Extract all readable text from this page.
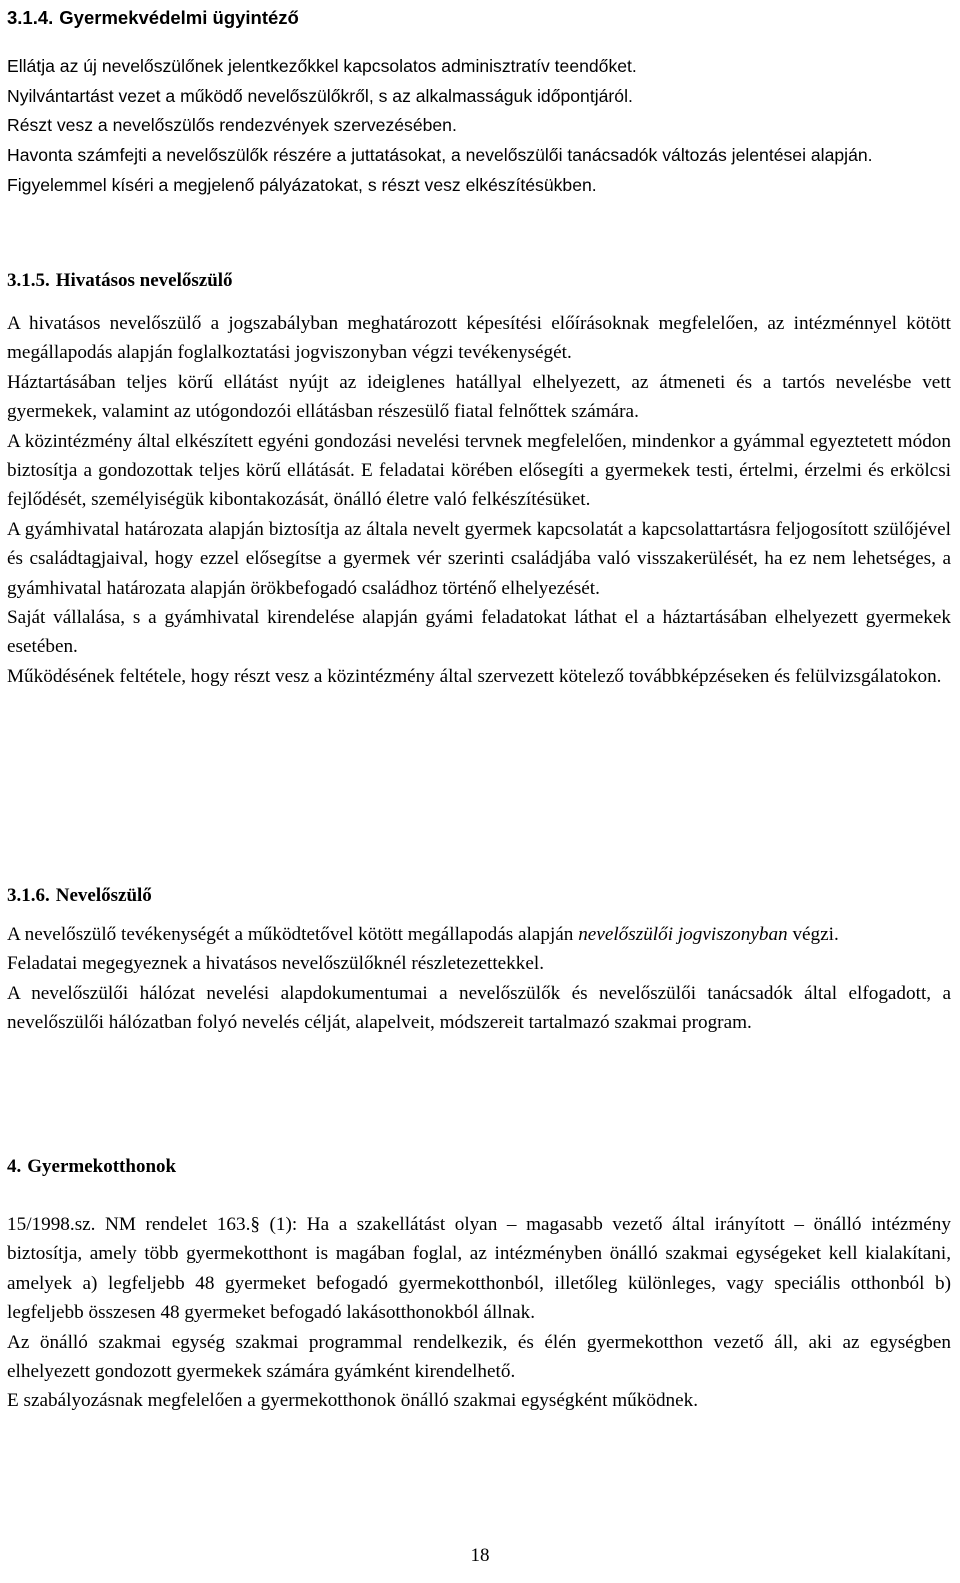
3.1.4. Gyermekvédelmi ügyintéző

Ellátja az új nevelőszülőnek jelentkezőkkel kapcsolatos adminisztratív teendőket.

Nyilvántartást vezet a működő nevelőszülőkről, s az alkalmasságuk időpontjáról.

Részt vesz a nevelőszülős rendezvények szervezésében.

Havonta számfejti a nevelőszülők részére a juttatásokat, a nevelőszülői tanácsadók változás jelentései alapján.

Figyelemmel kíséri a megjelenő pályázatokat, s részt vesz elkészítésükben.

3.1.5. Hivatásos nevelőszülő

A hivatásos nevelőszülő a jogszabályban meghatározott képesítési előírásoknak megfelelően, az intézménnyel kötött megállapodás alapján foglalkoztatási jogviszonyban végzi tevékenységét.

Háztartásában teljes körű ellátást nyújt az ideiglenes hatállyal elhelyezett, az átmeneti és a tartós nevelésbe vett gyermekek, valamint az utógondozói ellátásban részesülő fiatal felnőttek számára.

A közintézmény által elkészített egyéni gondozási nevelési tervnek megfelelően, mindenkor a gyámmal egyeztetett módon biztosítja a gondozottak teljes körű ellátását. E feladatai körében elősegíti a gyermekek testi, értelmi, érzelmi és erkölcsi fejlődését, személyiségük kibontakozását, önálló életre való felkészítésüket.

A gyámhivatal határozata alapján biztosítja az általa nevelt gyermek kapcsolatát a kapcsolattartásra feljogosított szülőjével és családtagjaival, hogy ezzel elősegítse a gyermek vér szerinti családjába való visszakerülését, ha ez nem lehetséges, a gyámhivatal határozata alapján örökbefogadó családhoz történő elhelyezését.

Saját vállalása, s a gyámhivatal kirendelése alapján gyámi feladatokat láthat el a háztartásában elhelyezett gyermekek esetében.

Működésének feltétele, hogy részt vesz a közintézmény által szervezett kötelező továbbképzéseken és felülvizsgálatokon.

3.1.6. Nevelőszülő

A nevelőszülő tevékenységét a működtetővel kötött megállapodás alapján nevelőszülői jogviszonyban végzi.

Feladatai megegyeznek a hivatásos nevelőszülőknél részletezettekkel.

A nevelőszülői hálózat nevelési alapdokumentumai a nevelőszülők és nevelőszülői tanácsadók által elfogadott, a nevelőszülői hálózatban folyó nevelés célját, alapelveit, módszereit tartalmazó szakmai program.

4. Gyermekotthonok

15/1998.sz. NM rendelet 163.§ (1): Ha a szakellátást olyan – magasabb vezető által irányított – önálló intézmény biztosítja, amely több gyermekotthont is magában foglal, az intézményben önálló szakmai egységeket kell kialakítani, amelyek a) legfeljebb 48 gyermeket befogadó gyermekotthonból, illetőleg különleges, vagy speciális otthonból b) legfeljebb összesen 48 gyermeket befogadó lakásotthonokból állnak.

Az önálló szakmai egység szakmai programmal rendelkezik, és élén gyermekotthon vezető áll, aki az egységben elhelyezett gondozott gyermekek számára gyámként kirendelhető.

E szabályozásnak megfelelően a gyermekotthonok önálló szakmai egységként működnek.

18
